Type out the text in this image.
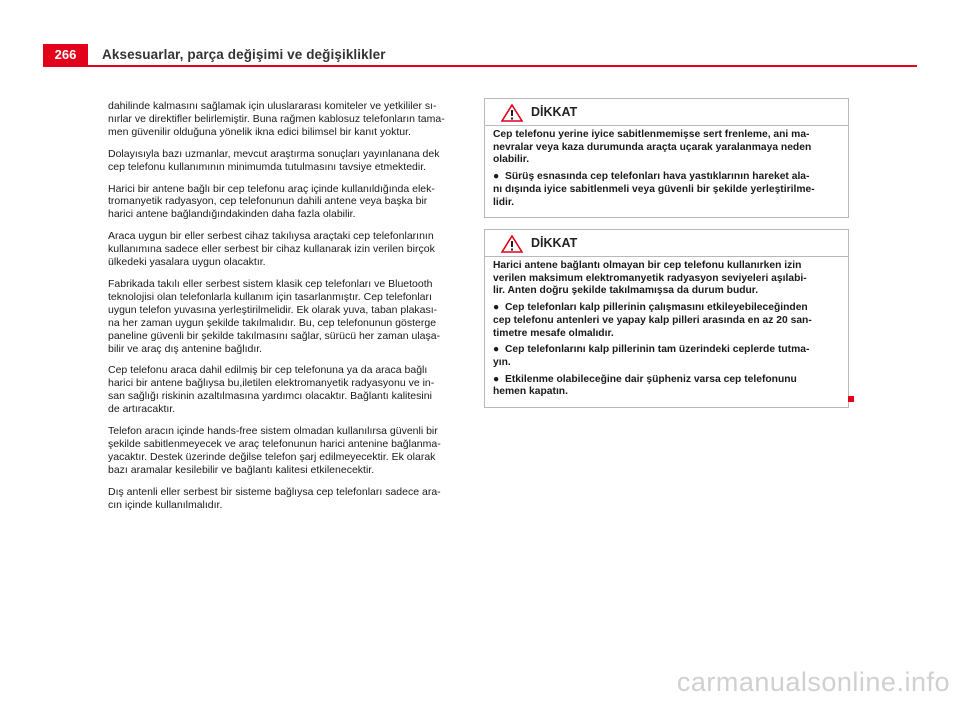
266	Aksesuarlar, parça değişimi ve değişiklikler

dahilinde kalmasını sağlamak için uluslararası komiteler ve yetkililer sı-
nırlar ve direktifler belirlemiştir. Buna rağmen kablosuz telefonların tama-
men güvenilir olduğuna yönelik ikna edici bilimsel bir kanıt yoktur.

Dolayısıyla bazı uzmanlar, mevcut araştırma sonuçları yayınlanana dek
cep telefonu kullanımının minimumda tutulmasını tavsiye etmektedir.

Harici bir antene bağlı bir cep telefonu araç içinde kullanıldığında elek-
tromanyetik radyasyon, cep telefonunun dahili antene veya başka bir
harici antene bağlandığındakinden daha fazla olabilir.

Araca uygun bir eller serbest cihaz takılıysa araçtaki cep telefonlarının
kullanımına sadece eller serbest bir cihaz kullanarak izin verilen birçok
ülkedeki yasalara uygun olacaktır.

Fabrikada takılı eller serbest sistem klasik cep telefonları ve Bluetooth
teknolojisi olan telefonlarla kullanım için tasarlanmıştır. Cep telefonları
uygun telefon yuvasına yerleştirilmelidir. Ek olarak yuva, taban plakası-
na her zaman uygun şekilde takılmalıdır. Bu, cep telefonunun gösterge
paneline güvenli bir şekilde takılmasını sağlar, sürücü her zaman ulaşa-
bilir ve araç dış antenine bağlıdır.

Cep telefonu araca dahil edilmiş bir cep telefonuna ya da araca bağlı
harici bir antene bağlıysa bu,iletilen elektromanyetik radyasyonu ve in-
san sağlığı riskinin azaltılmasına yardımcı olacaktır. Bağlantı kalitesini
de artıracaktır.

Telefon aracın içinde hands-free sistem olmadan kullanılırsa güvenli bir
şekilde sabitlenmeyecek ve araç telefonunun harici antenine bağlanma-
yacaktır. Destek üzerinde değilse telefon şarj edilmeyecektir. Ek olarak
bazı aramalar kesilebilir ve bağlantı kalitesi etkilenecektir.

Dış antenli eller serbest bir sisteme bağlıysa cep telefonları sadece ara-
cın içinde kullanılmalıdır.

DİKKAT

Cep telefonu yerine iyice sabitlenmemişse sert frenleme, ani ma-
nevralar veya kaza durumunda araçta uçarak yaralanmaya neden
olabilir.

● Sürüş esnasında cep telefonları hava yastıklarının hareket ala-
nı dışında iyice sabitlenmeli veya güvenli bir şekilde yerleştirilme-
lidir.

DİKKAT

Harici antene bağlantı olmayan bir cep telefonu kullanırken izin
verilen maksimum elektromanyetik radyasyon seviyeleri aşılabi-
lir. Anten doğru şekilde takılmamışsa da durum budur.

● Cep telefonları kalp pillerinin çalışmasını etkileyebileceğinden
cep telefonu antenleri ve yapay kalp pilleri arasında en az 20 san-
timetre mesafe olmalıdır.

● Cep telefonlarını kalp pillerinin tam üzerindeki ceplerde tutma-
yın.

● Etkilenme olabileceğine dair şüpheniz varsa cep telefonunu
hemen kapatın.

carmanualsonline.info
